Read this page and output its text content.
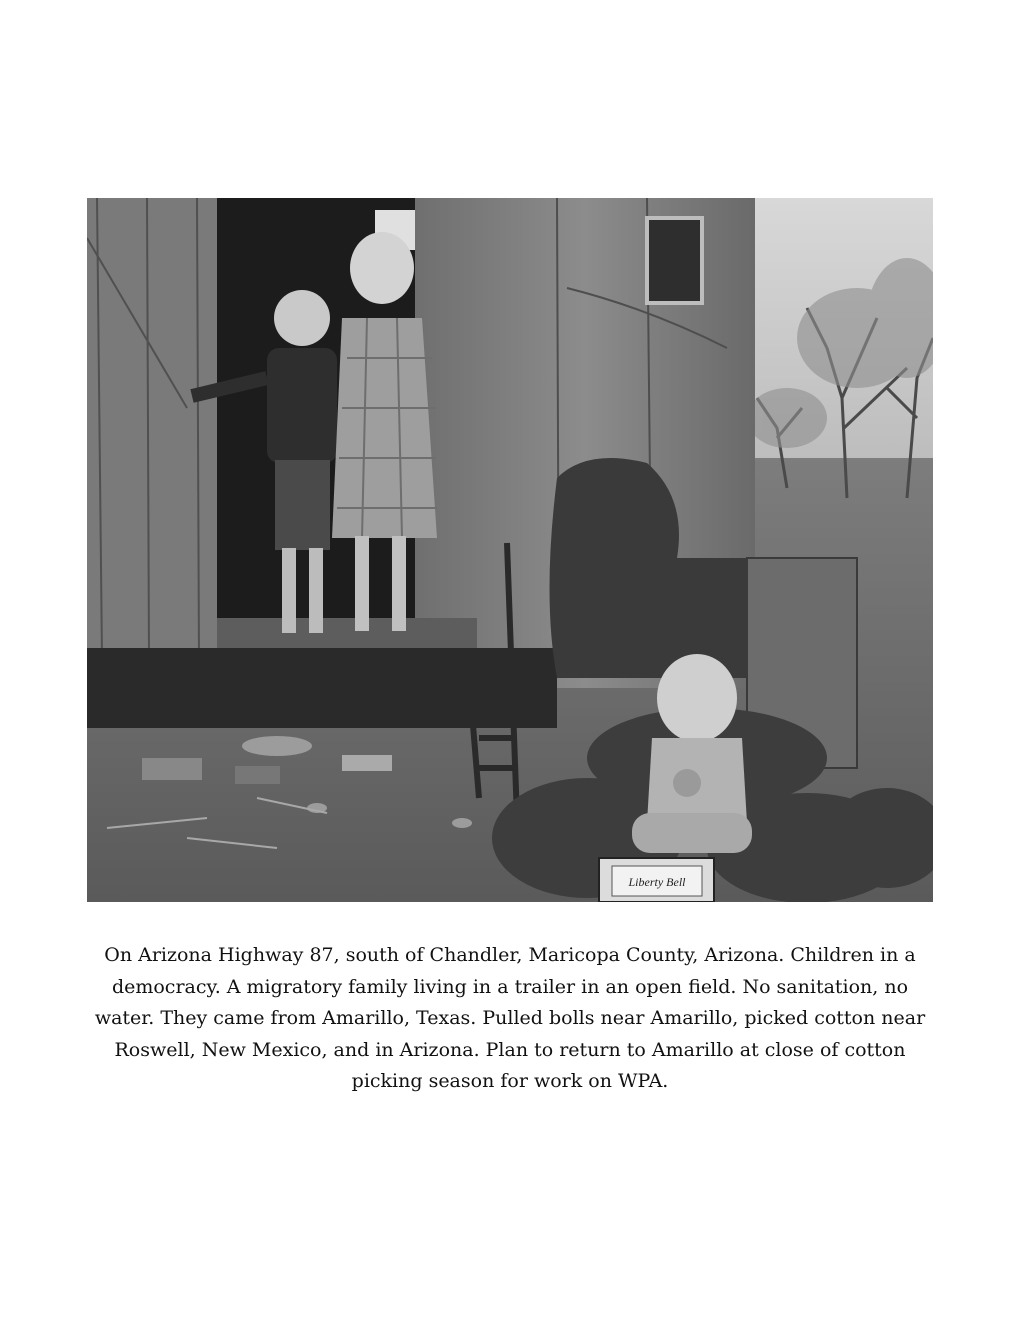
Liberty Bell

On Arizona Highway 87, south of Chandler, Maricopa County, Arizona. Children in a democracy. A migratory family living in a trailer in an open field. No sanitation, no water. They came from Amarillo, Texas. Pulled bolls near Amarillo, picked cotton near Roswell, New Mexico, and in Arizona. Plan to return to Amarillo at close of cotton picking season for work on WPA.
